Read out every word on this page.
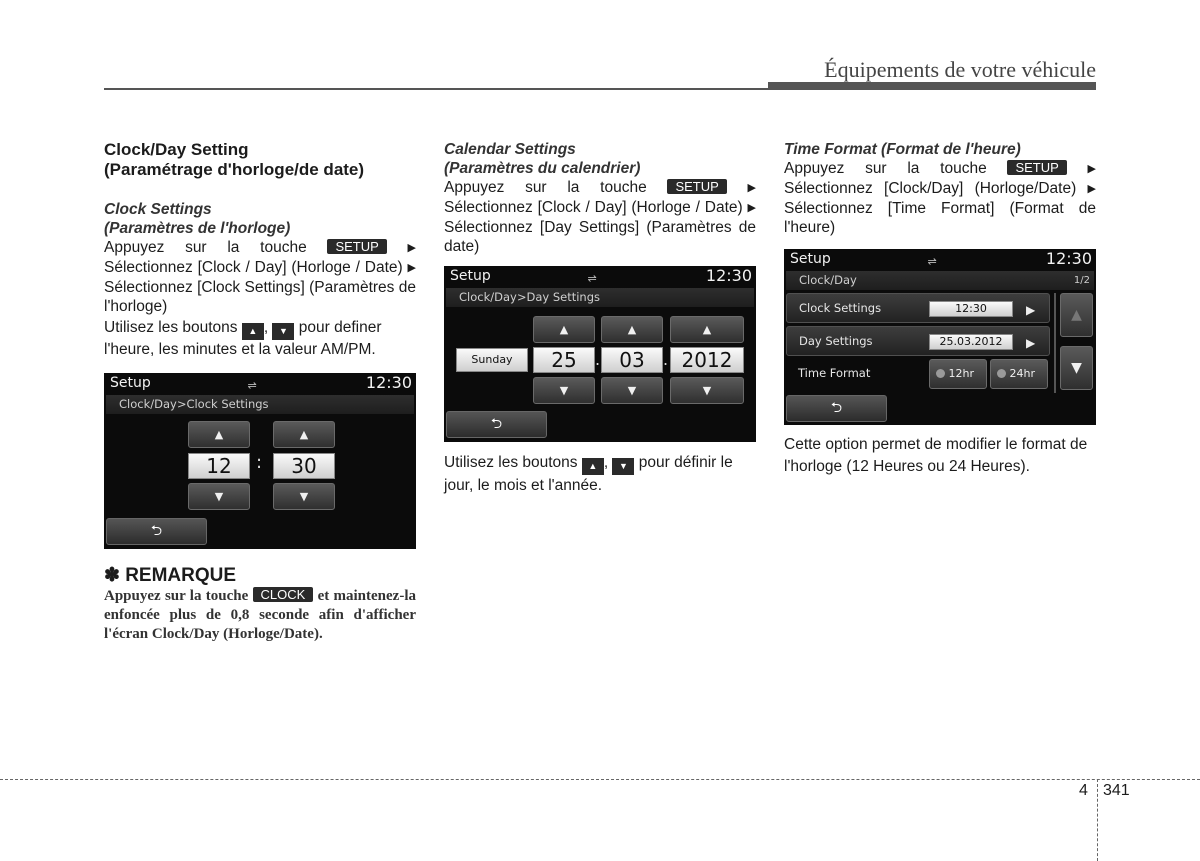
Équipements de votre véhicule
Clock/Day Setting
(Paramétrage d'horloge/de date)
Clock Settings
(Paramètres de l'horloge)
Appuyez sur la touche SETUP	▶ Sélectionnez [Clock / Day] (Horloge / Date) ▶ Sélectionnez [Clock Settings] (Paramètres de l'horloge)
Utilisez les boutons ▲ , ▼ pour definer l'heure, les minutes et la valeur AM/PM.
Setup	⇌	12:30
Clock/Day>Clock Settings
▲	▲
12	:	30
▼	▼
⮌
✽ REMARQUE
Appuyez sur la touche CLOCK et maintenez-la enfoncée plus de 0,8 seconde afin d'afficher l'écran Clock/Day (Horloge/Date).
Calendar Settings
(Paramètres du calendrier)
Appuyez sur la touche SETUP	▶ Sélectionnez [Clock / Day] (Horloge / Date) ▶ Sélectionnez [Day Settings] (Paramètres de date)
Setup	⇌	12:30
Clock/Day>Day Settings
▲	▲	▲
Sunday	25	. 03	. 2012
▼	▼	▼
⮌
Utilisez les boutons ▲ , ▼ pour définir le jour, le mois et l'année.
Time Format (Format de l'heure)
Appuyez sur la touche SETUP	▶ Sélectionnez [Clock/Day] (Horloge/Date) ▶ Sélectionnez [Time Format] (Format de l'heure)
Setup	⇌	12:30
Clock/Day	1/2
Clock Settings	12:30	▶
Day Settings	25.03.2012	▶
Time Format	12hr	24hr
▲
▼
⮌
Cette option permet de modifier le format de l'horloge (12 Heures ou 24 Heures).
4 341
